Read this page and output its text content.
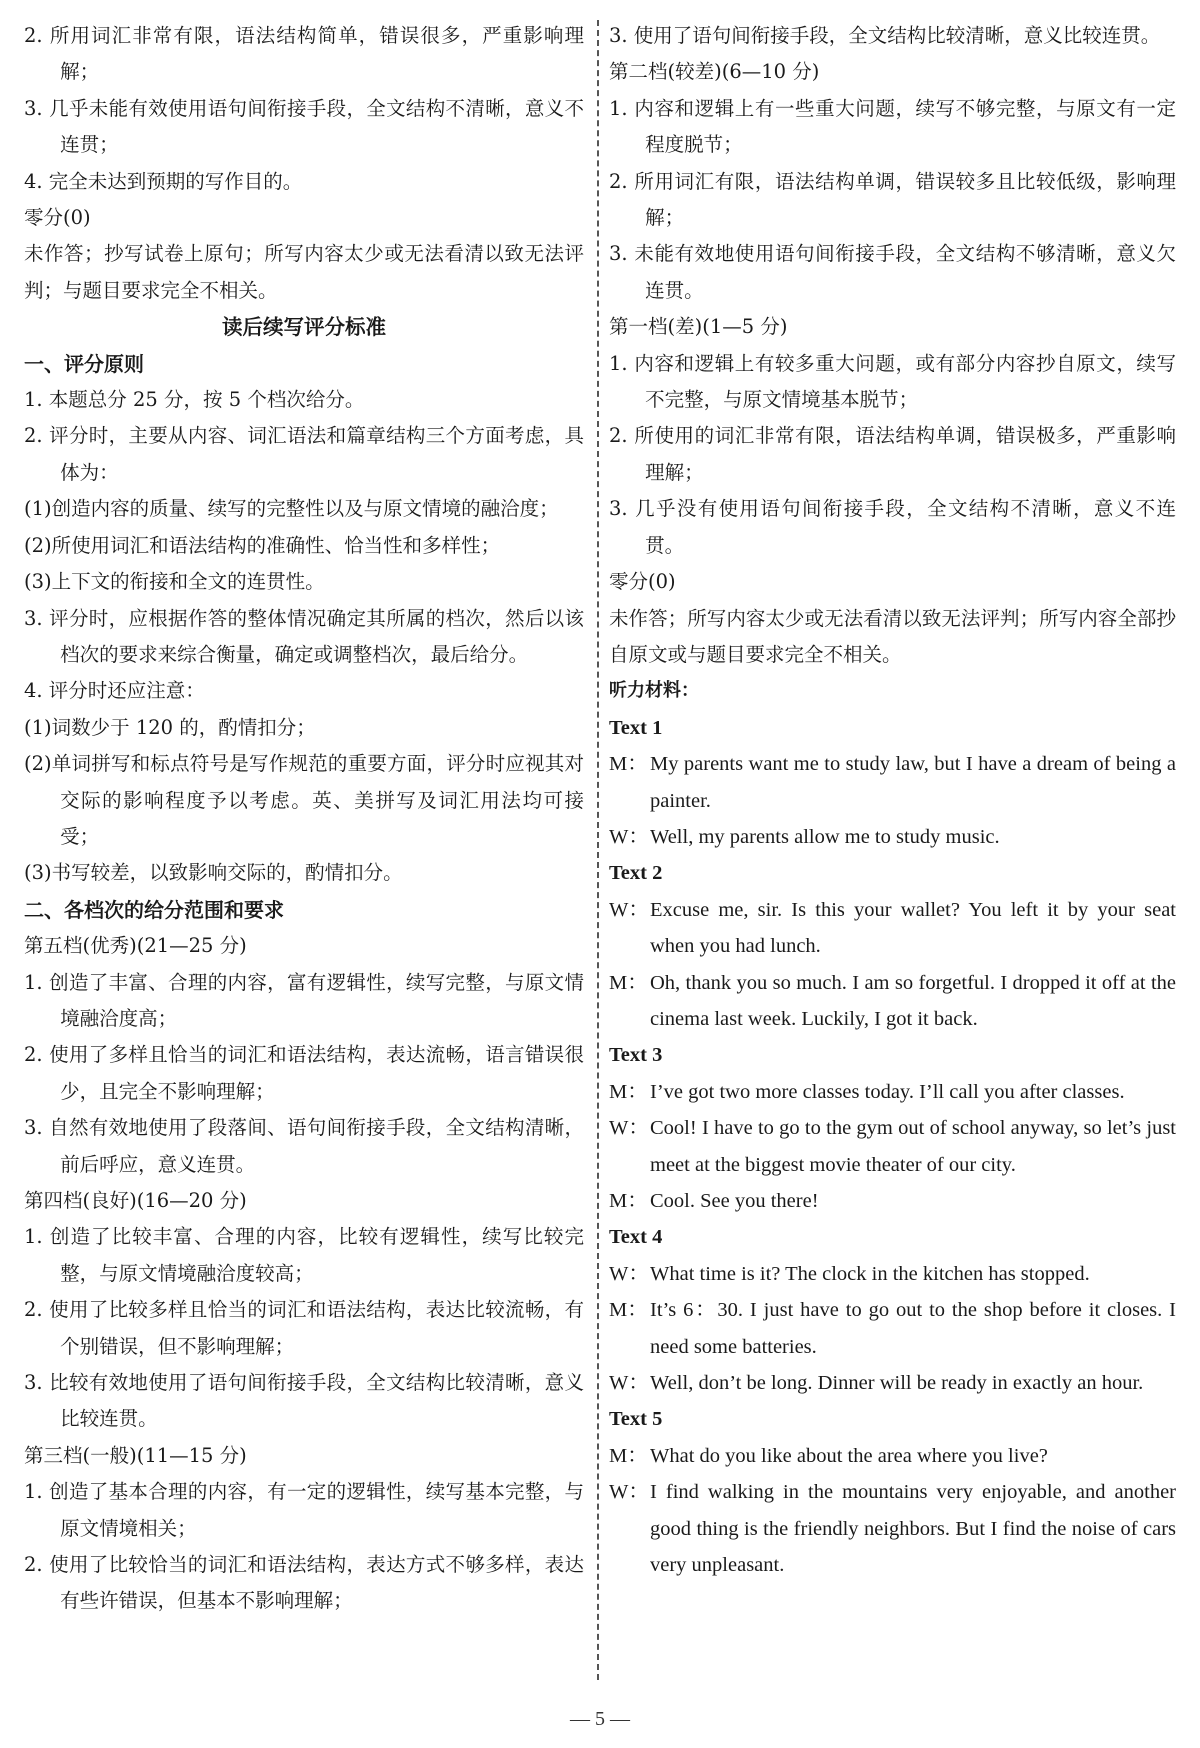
2. 所用词汇非常有限，语法结构简单，错误很多，严重影响理解；

3. 几乎未能有效使用语句间衔接手段，全文结构不清晰，意义不连贯；

4. 完全未达到预期的写作目的。

零分(0)

未作答；抄写试卷上原句；所写内容太少或无法看清以致无法评判；与题目要求完全不相关。

读后续写评分标准

一、评分原则

1. 本题总分 25 分，按 5 个档次给分。

2. 评分时，主要从内容、词汇语法和篇章结构三个方面考虑，具体为：

(1)创造内容的质量、续写的完整性以及与原文情境的融洽度；

(2)所使用词汇和语法结构的准确性、恰当性和多样性；

(3)上下文的衔接和全文的连贯性。

3. 评分时，应根据作答的整体情况确定其所属的档次，然后以该档次的要求来综合衡量，确定或调整档次，最后给分。

4. 评分时还应注意：

(1)词数少于 120 的，酌情扣分；

(2)单词拼写和标点符号是写作规范的重要方面，评分时应视其对交际的影响程度予以考虑。英、美拼写及词汇用法均可接受；

(3)书写较差，以致影响交际的，酌情扣分。

二、各档次的给分范围和要求

第五档(优秀)(21—25 分)

1. 创造了丰富、合理的内容，富有逻辑性，续写完整，与原文情境融洽度高；

2. 使用了多样且恰当的词汇和语法结构，表达流畅，语言错误很少，且完全不影响理解；

3. 自然有效地使用了段落间、语句间衔接手段，全文结构清晰，前后呼应，意义连贯。

第四档(良好)(16—20 分)

1. 创造了比较丰富、合理的内容，比较有逻辑性，续写比较完整，与原文情境融洽度较高；

2. 使用了比较多样且恰当的词汇和语法结构，表达比较流畅，有个别错误，但不影响理解；

3. 比较有效地使用了语句间衔接手段，全文结构比较清晰，意义比较连贯。

第三档(一般)(11—15 分)

1. 创造了基本合理的内容，有一定的逻辑性，续写基本完整，与原文情境相关；

2. 使用了比较恰当的词汇和语法结构，表达方式不够多样，表达有些许错误，但基本不影响理解；

3. 使用了语句间衔接手段，全文结构比较清晰，意义比较连贯。

第二档(较差)(6—10 分)

1. 内容和逻辑上有一些重大问题，续写不够完整，与原文有一定程度脱节；

2. 所用词汇有限，语法结构单调，错误较多且比较低级，影响理解；

3. 未能有效地使用语句间衔接手段，全文结构不够清晰，意义欠连贯。

第一档(差)(1—5 分)

1. 内容和逻辑上有较多重大问题，或有部分内容抄自原文，续写不完整，与原文情境基本脱节；

2. 所使用的词汇非常有限，语法结构单调，错误极多，严重影响理解；

3. 几乎没有使用语句间衔接手段，全文结构不清晰，意义不连贯。

零分(0)

未作答；所写内容太少或无法看清以致无法评判；所写内容全部抄自原文或与题目要求完全不相关。

听力材料：

Text 1

M： My parents want me to study law, but I have a dream of being a painter.

W：Well, my parents allow me to study music.

Text 2

W：Excuse me, sir. Is this your wallet? You left it by your seat when you had lunch.

M： Oh, thank you so much. I am so forgetful. I dropped it off at the cinema last week. Luckily, I got it back.

Text 3

M： I’ve got two more classes today. I’ll call you after classes.

W：Cool! I have to go to the gym out of school anyway, so let’s just meet at the biggest movie theater of our city.

M： Cool. See you there!

Text 4

W：What time is it? The clock in the kitchen has stopped.

M： It’s 6：30. I just have to go out to the shop before it closes. I need some batteries.

W：Well, don’t be long. Dinner will be ready in exactly an hour.

Text 5

M： What do you like about the area where you live?

W：I find walking in the mountains very enjoyable, and another good thing is the friendly neighbors. But I find the noise of cars very unpleasant.

— 5 —
